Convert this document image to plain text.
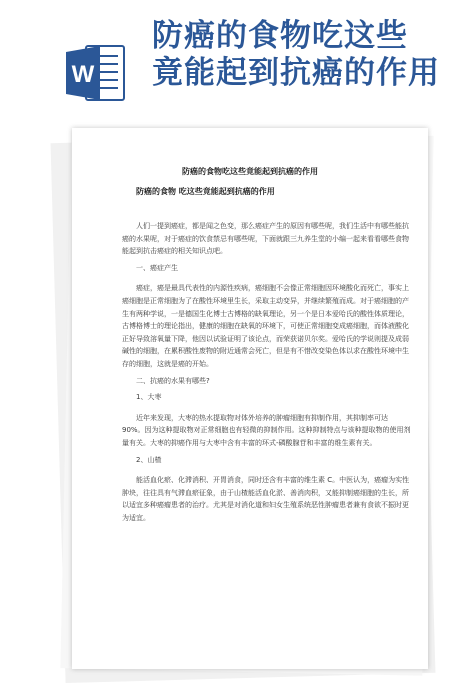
W
防癌的食物吃这些
竟能起到抗癌的作用
防癌的食物吃这些竟能起到抗癌的作用
防癌的食物 吃这些竟能起到抗癌的作用

人们一提到癌症，都是闻之色变，那么癌症产生的原因有哪些呢，我们生活中有哪些能抗癌的水果呢，对于癌症的饮食禁忌有哪些呢，下面就跟三九养生堂的小编一起来看看哪些食物能起到抗击癌症的相关知识点吧。

一、癌症产生

癌症，癌是最具代表性的内源性疾病，癌细胞不会像正常细胞因环境酸化而死亡，事实上癌细胞是正常细胞为了在酸性环境里生长，采取主动变异，并继续繁殖而成。对于癌细胞的产生有两种学说，一是德国生化博士古博格的缺氧理论，另一个是日本爱哈氏的酸性体质理论，古博格博士的理论指出，健康的细胞在缺氧的环境下，可使正常细胞变成癌细胞，而体液酸化正好导致溶氧量下降，他因以试验证明了该论点，而荣获诺贝尔奖。爱哈氏的学说则提及成弱碱性的细胞，在累积酸性废物的附近通常会死亡，但是有不惜改变染色体以求在酸性环境中生存的细胞，这就是癌的开始。

二、抗癌的水果有哪些?

1、大枣

近年来发现，大枣的热水提取物对体外培养的肿瘤细胞有抑制作用，其抑制率可达 90%。因为这种提取物对正常细胞也有轻微的抑制作用。这种抑制特点与该种提取物的使用剂量有关。大枣的抑癌作用与大枣中含有丰富的环式-磷酸腺苷和丰富的维生素有关。

2、山楂

能活血化瘀、化滞消积、开胃消食，同时还含有丰富的维生素 C。中医认为，癌瘤为实性肿块，往往具有气滞血瘀征象，由于山楂能活血化淤、善消肉积，又能抑制癌细胞的生长，所以适宜多种癌瘤患者的治疗。尤其是对消化道和妇女生殖系统恶性肿瘤患者兼有食欲不振时更为适宜。
